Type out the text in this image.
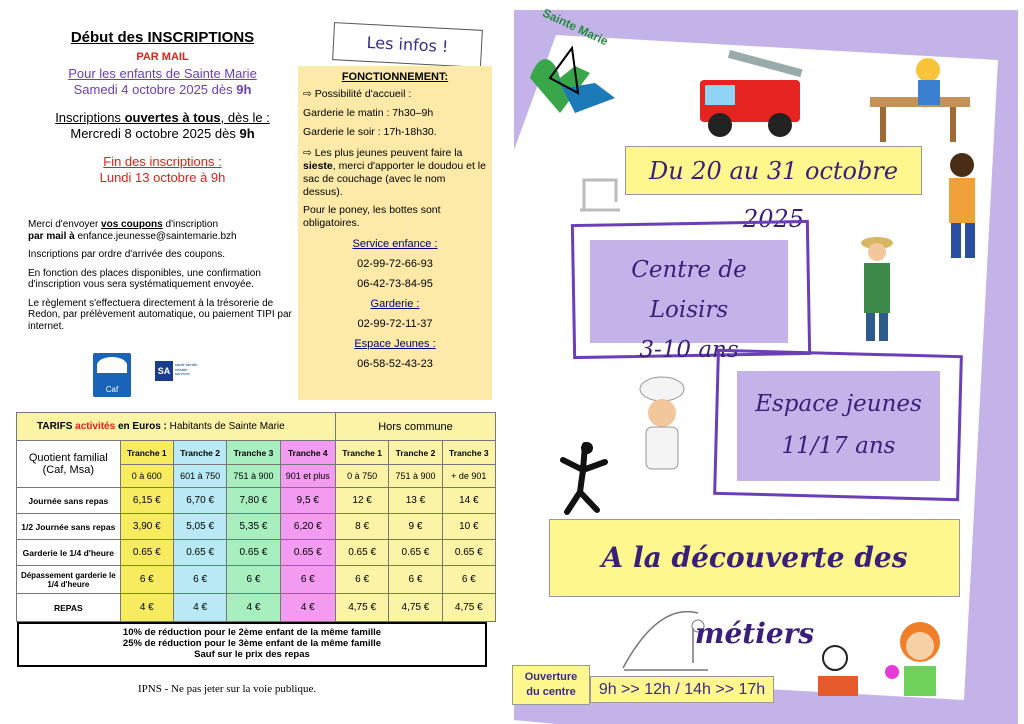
Début des INSCRIPTIONS
PAR MAIL
Pour les enfants de Sainte Marie
Samedi 4 octobre 2025 dès 9h
Inscriptions ouvertes à tous, dès le :
Mercredi 8 octobre 2025 dès 9h
Fin des inscriptions :
Lundi 13 octobre à 9h
Merci d'envoyer vos coupons d'inscription
par mail à enfance.jeunesse@saintemarie.bzh
Inscriptions par ordre d'arrivée des coupons.
En fonction des places disponibles, une confirmation d'inscription vous sera systématiquement envoyée.
Le règlement s'effectuera directement à la trésorerie de Redon, par prélèvement automatique, ou paiement TIPI par internet.
Caf
SA
santé famille retraite services
Les infos !
FONCTIONNEMENT:
⇨ Possibilité d'accueil :
Garderie le matin : 7h30–9h
Garderie le soir : 17h-18h30.
⇨ Les plus jeunes peuvent faire la sieste, merci d'apporter le doudou et le sac de couchage (avec le nom dessus).
Pour le poney, les bottes sont obligatoires.
Service enfance :
02-99-72-66-93
06-42-73-84-95
Garderie :
02-99-72-11-37
Espace Jeunes :
06-58-52-43-23
TARIFS activités en Euros : Habitants de Sainte Marie					Hors commune		
Quotient familial (Caf, Msa)	Tranche 1	Tranche 2	Tranche 3	Tranche 4	Tranche 1	Tranche 2	Tranche 3
	0 à 600	601 à 750	751 à 900	901 et plus	0 à 750	751 à 900	+ de 901
Journée sans repas	6,15 €	6,70 €	7,80 €	9,5 €	12 €	13 €	14 €
1/2 Journée sans repas	3,90 €	5,05 €	5,35 €	6,20 €	8 €	9 €	10 €
Garderie le 1/4 d'heure	0.65 €	0.65 €	0.65 €	0.65 €	0.65 €	0.65 €	0.65 €
Dépassement garderie le 1/4 d'heure	6 €	6 €	6 €	6 €	6 €	6 €	6 €
REPAS	4 €	4 €	4 €	4 €	4,75 €	4,75 €	4,75 €
10% de réduction pour le 2ème enfant de la même famille
25% de réduction pour le 3ème enfant de la même famille
Sauf sur le prix des repas
IPNS - Ne pas jeter sur la voie publique.
Sainte Marie
Du 20 au 31 octobre 2025
Centre de Loisirs
3-10 ans
Espace jeunes
11/17 ans
A la découverte des métiers
Ouverture
du centre	9h >> 12h / 14h >> 17h
